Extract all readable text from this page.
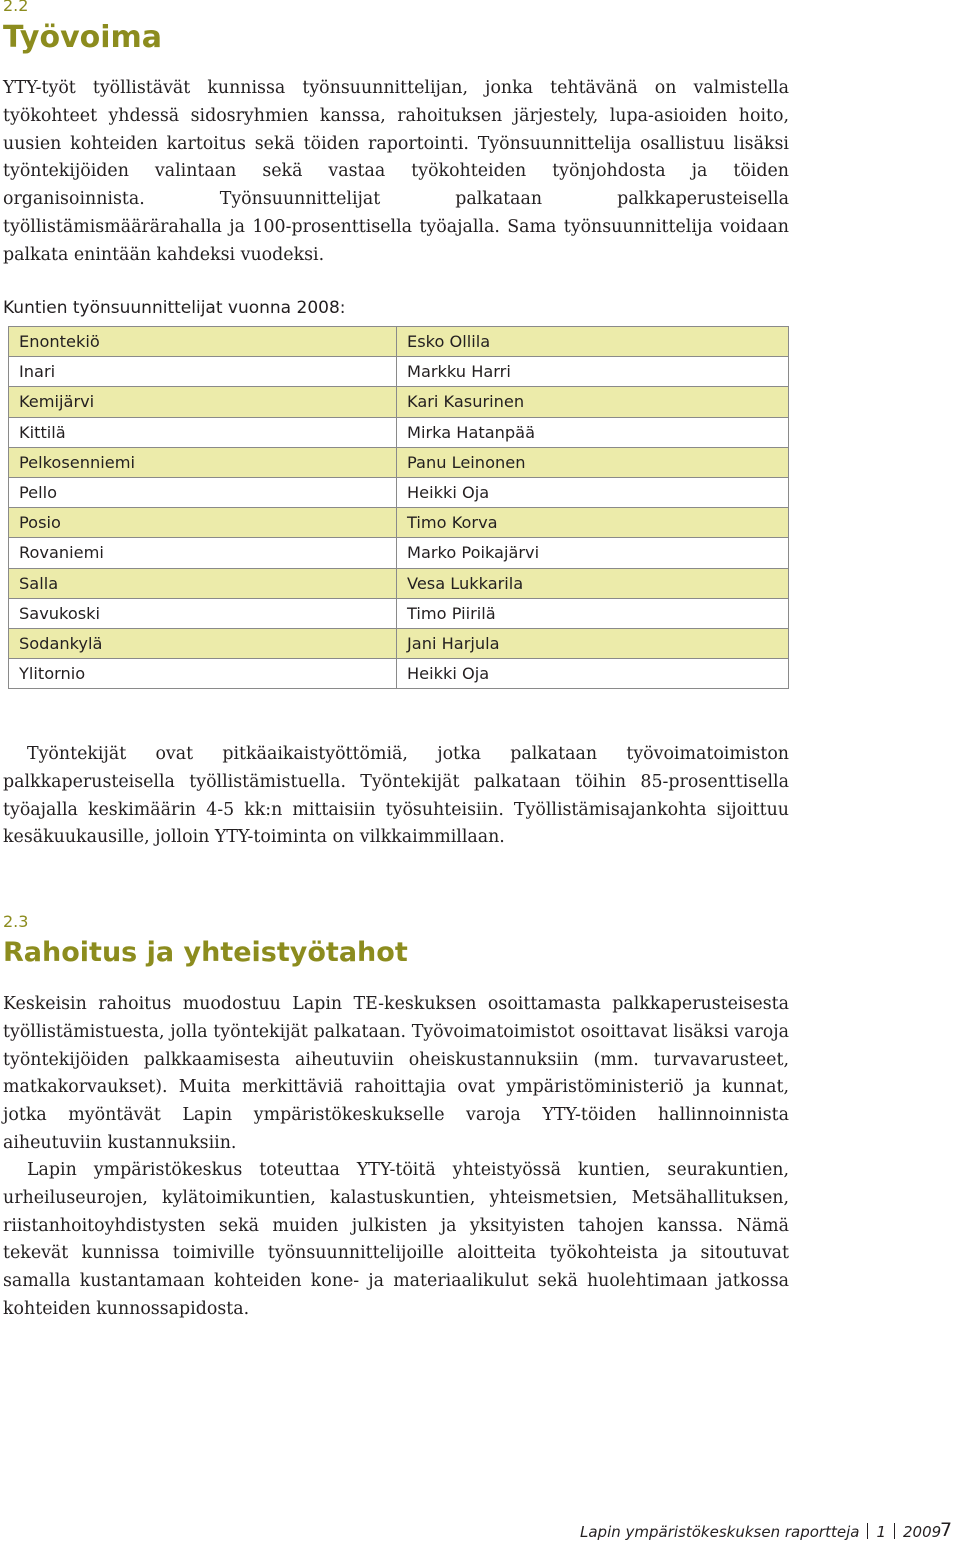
2.2
Työvoima

YTY-työt työllistävät kunnissa työnsuunnittelijan, jonka tehtävänä on valmistella työkohteet yhdessä sidosryhmien kanssa, rahoituksen järjestely, lupa-asioiden hoito, uusien kohteiden kartoitus sekä töiden raportointi. Työnsuunnittelija osallistuu lisäksi työntekijöiden valintaan sekä vastaa työkohteiden työnjohdosta ja töiden organisoinnista. Työnsuunnittelijat palkataan palkkaperusteisella työllistämismäärärahalla ja 100-prosenttisella työajalla. Sama työnsuunnittelija voidaan palkata enintään kahdeksi vuodeksi.

Kuntien työnsuunnittelijat vuonna 2008:

Enontekiö	Esko Ollila
Inari	Markku Harri
Kemijärvi	Kari Kasurinen
Kittilä	Mirka Hatanpää
Pelkosenniemi	Panu Leinonen
Pello	Heikki Oja
Posio	Timo Korva
Rovaniemi	Marko Poikajärvi
Salla	Vesa Lukkarila
Savukoski	Timo Piirilä
Sodankylä	Jani Harjula
Ylitornio	Heikki Oja

Työntekijät ovat pitkäaikaistyöttömiä, jotka palkataan työvoimatoimiston palkkaperusteisella työllistämistuella. Työntekijät palkataan töihin 85-prosenttisella työajalla keskimäärin 4-5 kk:n mittaisiin työsuhteisiin. Työllistämisajankohta sijoittuu kesäkuukausille, jolloin YTY-toiminta on vilkkaimmillaan.

2.3
Rahoitus ja yhteistyötahot

Keskeisin rahoitus muodostuu Lapin TE-keskuksen osoittamasta palkkaperusteisesta työllistämistuesta, jolla työntekijät palkataan. Työvoimatoimistot osoittavat lisäksi varoja työntekijöiden palkkaamisesta aiheutuviin oheiskustannuksiin (mm. turvavarusteet, matkakorvaukset). Muita merkittäviä rahoittajia ovat ympäristöministeriö ja kunnat, jotka myöntävät Lapin ympäristökeskukselle varoja YTY-töiden hallinnoinnista aiheutuviin kustannuksiin.

Lapin ympäristökeskus toteuttaa YTY-töitä yhteistyössä kuntien, seurakuntien, urheiluseurojen, kylätoimikuntien, kalastuskuntien, yhteismetsien, Metsähallituksen, riistanhoitoyhdistysten sekä muiden julkisten ja yksityisten tahojen kanssa. Nämä tekevät kunnissa toimiville työnsuunnittelijoille aloitteita työkohteista ja sitoutuvat samalla kustantamaan kohteiden kone- ja materiaalikulut sekä huolehtimaan jatkossa kohteiden kunnossapidosta.

Lapin ympäristökeskuksen raportteja 1 2009
7
